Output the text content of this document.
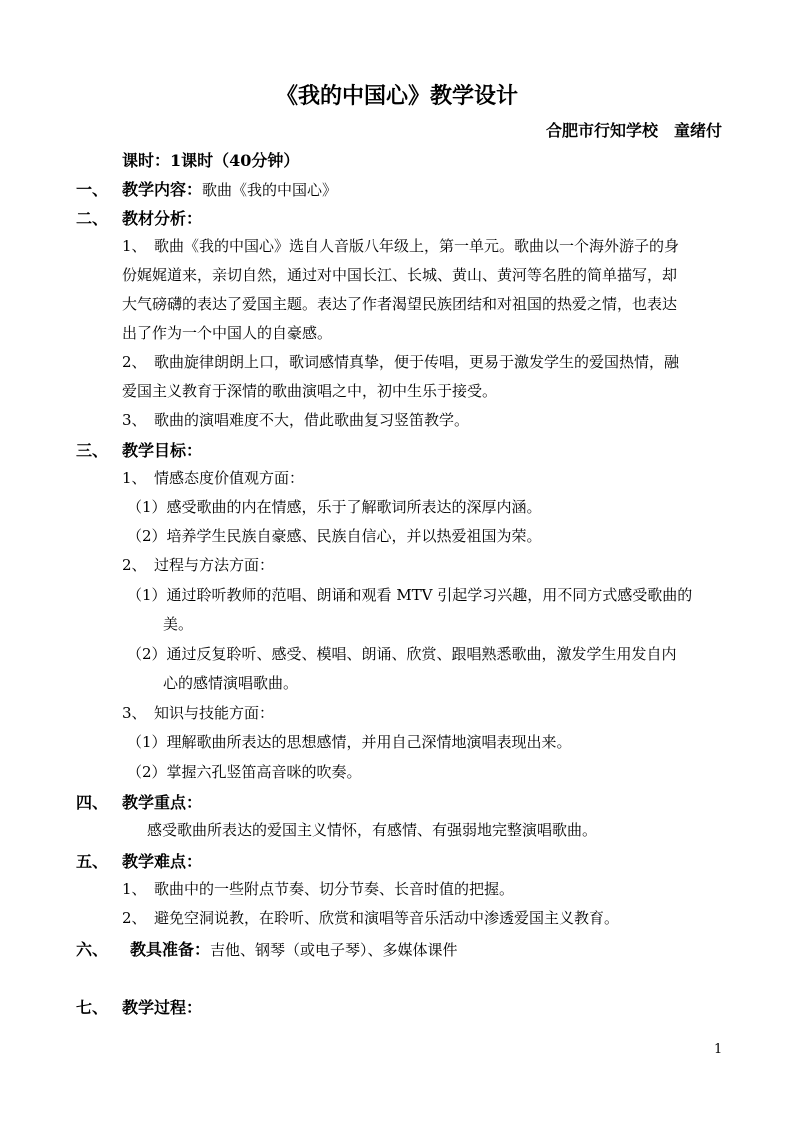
《我的中国心》教学设计
合肥市行知学校　童绪付
课时：1课时（40分钟）
一、 教学内容：歌曲《我的中国心》
二、 教材分析：
1、　歌曲《我的中国心》选自人音版八年级上，第一单元。歌曲以一个海外游子的身
份娓娓道来，亲切自然，通过对中国长江、长城、黄山、黄河等名胜的简单描写，却
大气磅礴的表达了爱国主题。表达了作者渴望民族团结和对祖国的热爱之情，也表达
出了作为一个中国人的自豪感。
2、　歌曲旋律朗朗上口，歌词感情真挚，便于传唱，更易于激发学生的爱国热情，融
爱国主义教育于深情的歌曲演唱之中，初中生乐于接受。
3、　歌曲的演唱难度不大，借此歌曲复习竖笛教学。
三、 教学目标：
1、　情感态度价值观方面：
（1）感受歌曲的内在情感，乐于了解歌词所表达的深厚内涵。
（2）培养学生民族自豪感、民族自信心，并以热爱祖国为荣。
2、　过程与方法方面：
（1）通过聆听教师的范唱、朗诵和观看 MTV 引起学习兴趣，用不同方式感受歌曲的
美。
（2）通过反复聆听、感受、模唱、朗诵、欣赏、跟唱熟悉歌曲，激发学生用发自内
心的感情演唱歌曲。
3、　知识与技能方面：
（1）理解歌曲所表达的思想感情，并用自己深情地演唱表现出来。
（2）掌握六孔竖笛高音咪的吹奏。
四、 教学重点：
感受歌曲所表达的爱国主义情怀，有感情、有强弱地完整演唱歌曲。
五、 教学难点：
1、　歌曲中的一些附点节奏、切分节奏、长音时值的把握。
2、　避免空洞说教，在聆听、欣赏和演唱等音乐活动中渗透爱国主义教育。
六、 教具准备：吉他、钢琴（或电子琴）、多媒体课件
七、 教学过程：
1
